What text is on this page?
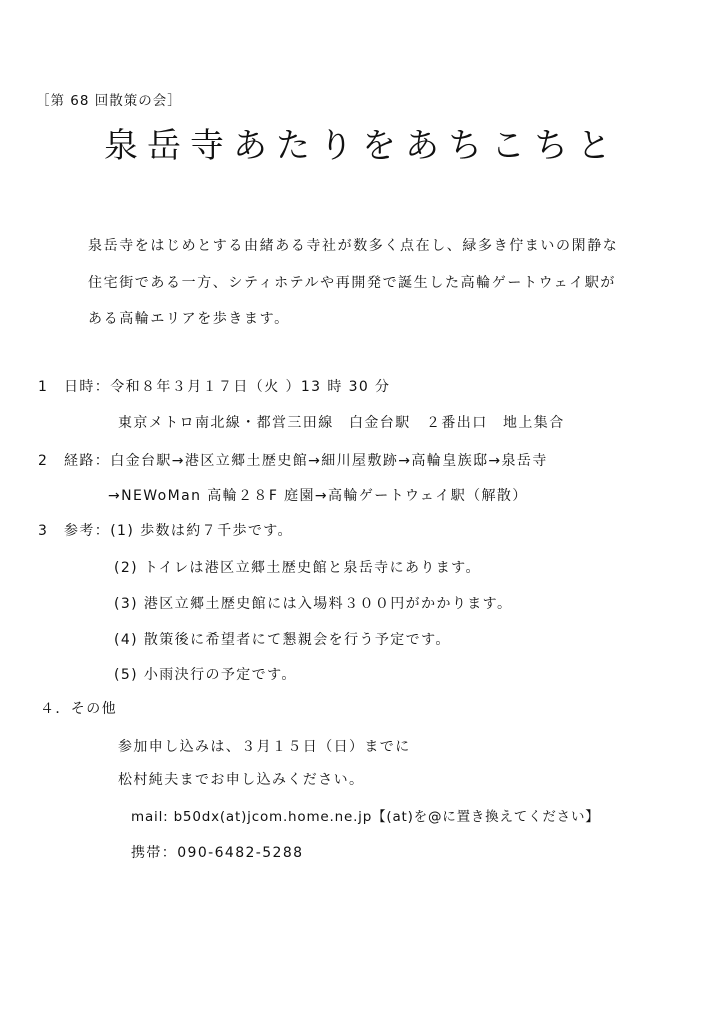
［第 68 回散策の会］
泉岳寺あたりをあちこちと
泉岳寺をはじめとする由緒ある寺社が数多く点在し、緑多き佇まいの閑静な
住宅街である一方、シティホテルや再開発で誕生した高輪ゲートウェイ駅が
ある高輪エリアを歩きます。
1 日時：令和８年３月１７日（火 ）13 時 30 分
東京メトロ南北線・都営三田線　白金台駅　２番出口　地上集合
2 経路：白金台駅→港区立郷土歴史館→細川屋敷跡→高輪皇族邸→泉岳寺
→NEWoMan 高輪２８F 庭園→高輪ゲートウェイ駅（解散）
3 参考：(1) 歩数は約７千歩です。
(2) トイレは港区立郷土歴史館と泉岳寺にあります。
(3) 港区立郷土歴史館には入場料３００円がかかります。
(4) 散策後に希望者にて懇親会を行う予定です。
(5) 小雨決行の予定です。
４．その他
参加申し込みは、３月１５日（日）までに
松村純夫までお申し込みください。
mail: b50dx(at)jcom.home.ne.jp【(at)を@に置き換えてください】
携帯：090-6482-5288
